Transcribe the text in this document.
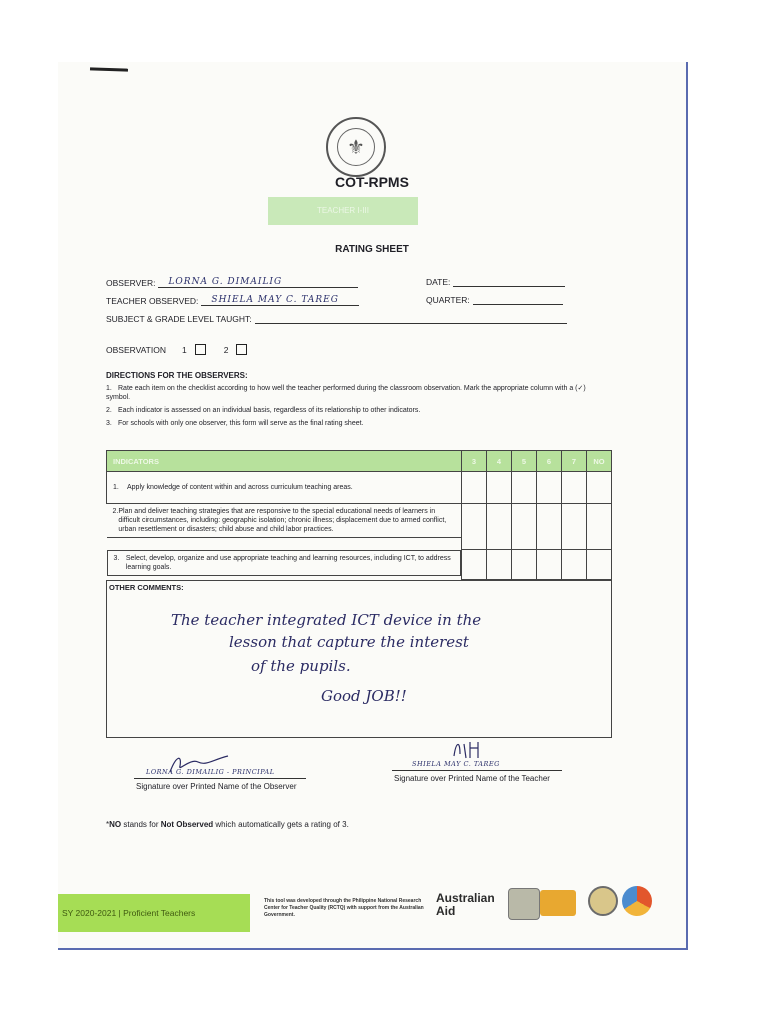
⚜
COT-RPMS
TEACHER I-III
RATING SHEET
OBSERVER: LORNA G. DIMAILIG	DATE:
TEACHER OBSERVED: SHIELA MAY C. TAREG	QUARTER:
SUBJECT & GRADE LEVEL TAUGHT:
OBSERVATION 1	2
DIRECTIONS FOR THE OBSERVERS:
1. Rate each item on the checklist according to how well the teacher performed during the classroom observation. Mark the appropriate column with a (✓) symbol.
2. Each indicator is assessed on an individual basis, regardless of its relationship to other indicators.
3. For schools with only one observer, this form will serve as the final rating sheet.
INDICATORS	3	4	5	6	7	NO
1. Apply knowledge of content within and across curriculum teaching areas.						

2. Plan and deliver teaching strategies that are responsive to the special educational needs of learners in difficult circumstances, including: geographic isolation; chronic illness; displacement due to armed conflict, urban resettlement or disasters; child abuse and child labor practices.

3. Select, develop, organize and use appropriate teaching and learning resources, including ICT, to address learning goals.

OTHER COMMENTS:
The teacher integrated ICT device in the
lesson that capture the interest
of the pupils.
Good JOB!!
LORNA G. DIMAILIG - PRINCIPAL
Signature over Printed Name of the Observer
SHIELA MAY C. TAREG
Signature over Printed Name of the Teacher
*NO stands for Not Observed which automatically gets a rating of 3.
SY 2020-2021 | Proficient Teachers
This tool was developed through the Philippine National Research Center for Teacher Quality (RCTQ) with support from the Australian Government.
Australian
Aid
